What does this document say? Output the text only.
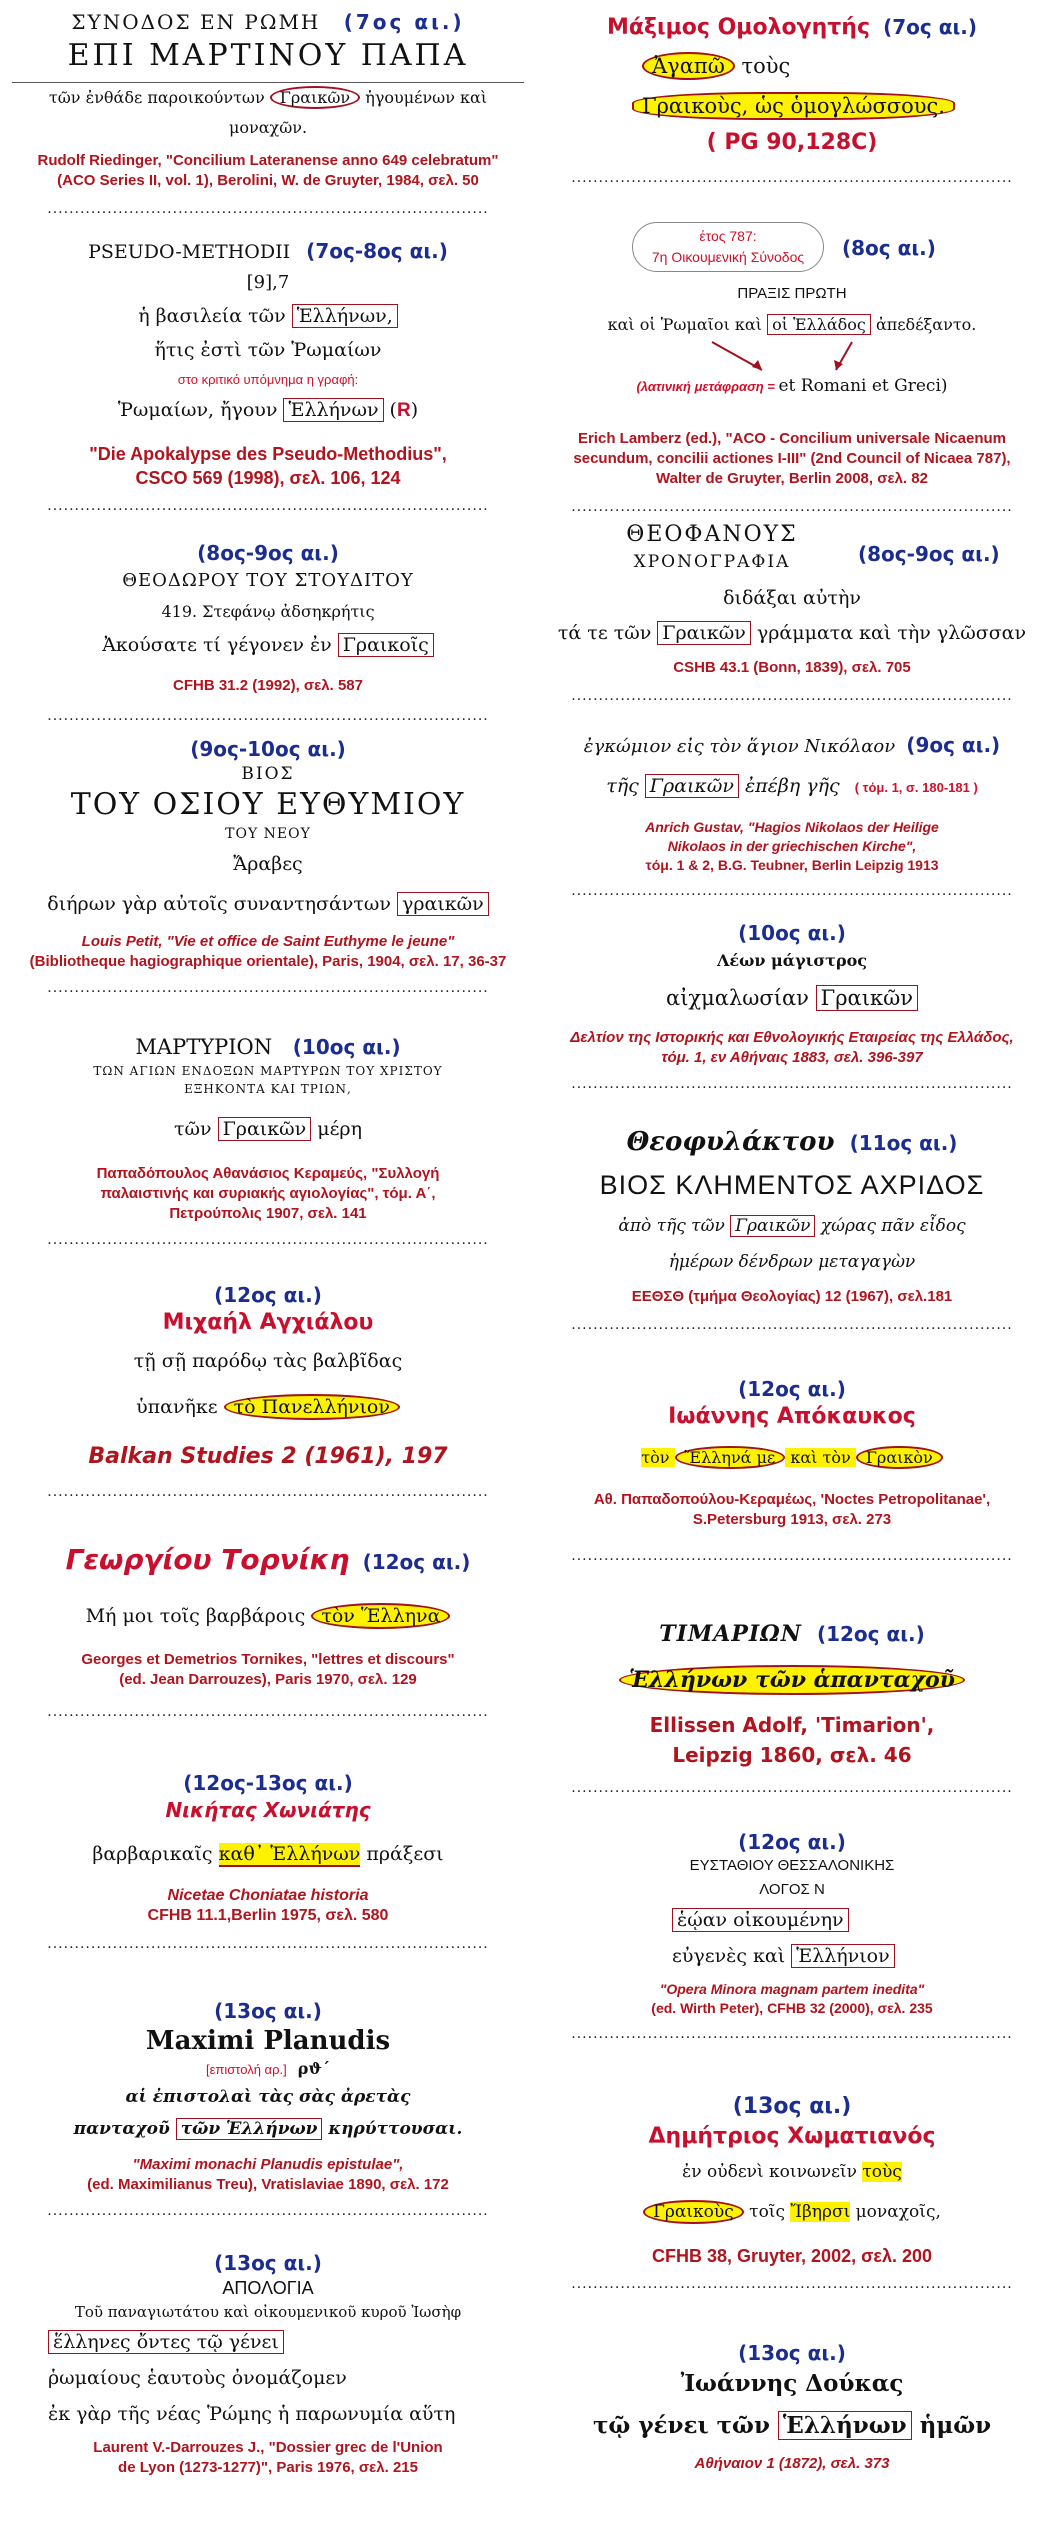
ΣΥΝΟΔΟΣ ΕΝ ΡΩΜΗ (7ος αι.)
ΕΠΙ ΜΑΡΤΙΝΟΥ ΠΑΠΑ
τῶν ἐνθάδε παροικούντων Γραικῶν ἡγουμένων καὶ μοναχῶν.
Rudolf Riedinger, "Concilium Lateranense anno 649 celebratum"
(ACO Series II, vol. 1), Berolini, W. de Gruyter, 1984, σελ. 50
.................................................................................
PSEUDO-METHODII (7ος-8ος αι.)
[9],7
ἡ βασιλεία τῶν Ἑλλήνων,
ἥτις ἐστὶ τῶν Ῥωμαίων
στο κριτικό υπόμνημα η γραφή:
Ῥωμαίων, ἤγουν Ἑλλήνων (R)
"Die Apokalypse des Pseudo-Methodius",
CSCO 569 (1998), σελ. 106, 124
.................................................................................
(8ος-9ος αι.)
ΘΕΟΔΩΡΟΥ ΤΟΥ ΣΤΟΥΔΙΤΟΥ
419. Στεφάνῳ ἀδσηκρήτις
Ἀκούσατε τί γέγονεν ἐν Γραικοῖς
CFHB 31.2 (1992), σελ. 587
.................................................................................
(9ος-10ος αι.)
ΒΙΟΣ
ΤΟΥ ΟΣΙΟΥ ΕΥΘΥΜΙΟΥ
ΤΟΥ ΝΕΟΥ
Ἄραβες
διήρων γὰρ αὐτοῖς συναντησάντων γραικῶν
Louis Petit, "Vie et office de Saint Euthyme le jeune"
(Bibliotheque hagiographique orientale), Paris, 1904, σελ. 17, 36-37
.................................................................................
ΜΑΡΤΥΡΙΟΝ (10ος αι.)
ΤΩΝ ΑΓΙΩΝ ΕΝΔΟΞΩΝ ΜΑΡΤΥΡΩΝ ΤΟΥ ΧΡΙΣΤΟΥ
ΕΞΗΚΟΝΤΑ ΚΑΙ ΤΡΙΩΝ,
τῶν Γραικῶν μέρη
Παπαδόπουλος Αθανάσιος Κεραμεύς, "Συλλογή
παλαιστινής και συριακής αγιολογίας", τόμ. Α΄,
Πετρούπολις 1907, σελ. 141
.................................................................................
(12ος αι.)
Μιχαήλ Αγχιάλου
τῇ σῇ παρόδῳ τὰς βαλβῖδας
ὑπανῆκε τὸ Πανελλήνιον
Balkan Studies 2 (1961), 197
.................................................................................
Γεωργίου Τορνίκη (12ος αι.)
Μή μοι τοῖς βαρβάροις τὸν Ἕλληνα
Georges et Demetrios Tornikes, "lettres et discours"
(ed. Jean Darrouzes), Paris 1970, σελ. 129
.................................................................................
(12ος-13ος αι.)
Νικήτας Χωνιάτης
βαρβαρικαῖς καθ᾽ Ἑλλήνων πράξεσι
Nicetae Choniatae historia
CFHB 11.1,Berlin 1975, σελ. 580
.................................................................................
(13ος αι.)
Maximi Planudis
[επιστολή αρ.] ρϑ´
αἱ ἐπιστολαὶ τὰς σὰς ἀρετὰς
πανταχοῦ τῶν Ἑλλήνων κηρύττουσαι.
"Maximi monachi Planudis epistulae",
(ed. Maximilianus Treu), Vratislaviae 1890, σελ. 172
.................................................................................
(13ος αι.)
ΑΠΟΛΟΓΙΑ
Τοῦ παναγιωτάτου καὶ οἰκουμενικοῦ κυροῦ Ἰωσὴφ
ἕλληνες ὄντες τῷ γένει
ῥωμαίους ἑαυτοὺς ὀνομάζομεν
ἐκ γὰρ τῆς νέας Ῥώμης ἡ παρωνυμία αὕτη
Laurent V.-Darrouzes J., "Dossier grec de l'Union
de Lyon (1273-1277)", Paris 1976, σελ. 215
Μάξιμος Ομολογητής (7ος αι.)
Ἀγαπῶ τοὺς
Γραικοὺς, ὡς ὁμογλώσσους.
( PG 90,128C)
.................................................................................
έτος 787:
7η Οικουμενική Σύνοδος	(8ος αι.)
ΠΡΑΞΙΣ ΠΡΩΤΗ
καὶ οἱ Ῥωμαῖοι καὶ οἱ Ἑλλάδος ἀπεδέξαντο.
(λατινική μετάφραση = et Romani et Greci)
Erich Lamberz (ed.), "ACO - Concilium universale Nicaenum
secundum, concilii actiones I-III" (2nd Council of Nicaea 787),
Walter de Gruyter, Berlin 2008, σελ. 82
.................................................................................
ΘΕΟΦΑΝΟΥΣ
ΧΡΟΝΟΓΡΑΦΙΑ	(8ος-9ος αι.)
διδάξαι αὐτὴν
τά τε τῶν Γραικῶν γράμματα καὶ τὴν γλῶσσαν
CSHB 43.1 (Bonn, 1839), σελ. 705
.................................................................................
ἐγκώμιον εἰς τὸν ἅγιον Νικόλαον (9ος αι.)
τῆς Γραικῶν ἐπέβη γῆς ( τόμ. 1, σ. 180-181 )
Anrich Gustav, "Hagios Nikolaos der Heilige
Nikolaos in der griechischen Kirche",
τόμ. 1 & 2, B.G. Teubner, Berlin Leipzig 1913
.................................................................................
(10ος αι.)
Λέων μάγιστρος
αἰχμαλωσίαν Γραικῶν
Δελτίον της Ιστορικής και Εθνολογικής Εταιρείας της Ελλάδος,
τόμ. 1, εν Αθήναις 1883, σελ. 396-397
.................................................................................
Θεοφυλάκτου (11ος αι.)
ΒΙΟΣ ΚΛΗΜΕΝΤΟΣ ΑΧΡΙΔΟΣ
ἀπὸ τῆς τῶν Γραικῶν χώρας πᾶν εἶδος
ἡμέρων δένδρων μεταγαγὼν
ΕΕΘΣΘ (τμήμα Θεολογίας) 12 (1967), σελ.181
.................................................................................
(12ος αι.)
Ιωάννης Απόκαυκος
τὸν Ἕλληνά με καὶ τὸν Γραικὸν
Αθ. Παπαδοπούλου-Κεραμέως, 'Noctes Petropolitanae',
S.Petersburg 1913, σελ. 273
.................................................................................
ΤΙΜΑΡΙΩΝ (12ος αι.)
Ἑλλήνων τῶν ἁπανταχοῦ
Ellissen Adolf, 'Timarion',
Leipzig 1860, σελ. 46
.................................................................................
(12ος αι.)
ΕΥΣΤΑΘΙΟΥ ΘΕΣΣΑΛΟΝΙΚΗΣ
ΛΟΓΟΣ Ν
ἑῴαν οἰκουμένην
εὐγενὲς καὶ Ἑλλήνιον
"Opera Minora magnam partem inedita"
(ed. Wirth Peter), CFHB 32 (2000), σελ. 235
.................................................................................
(13ος αι.)
Δημήτριος Χωματιανός
ἐν οὐδενὶ κοινωνεῖν τοὺς
Γραικοὺς τοῖς Ἴβηρσι μοναχοῖς,
CFHB 38, Gruyter, 2002, σελ. 200
.................................................................................
(13ος αι.)
Ἰωάννης Δούκας
τῷ γένει τῶν Ἑλλήνων ἡμῶν
Αθήναιον 1 (1872), σελ. 373
